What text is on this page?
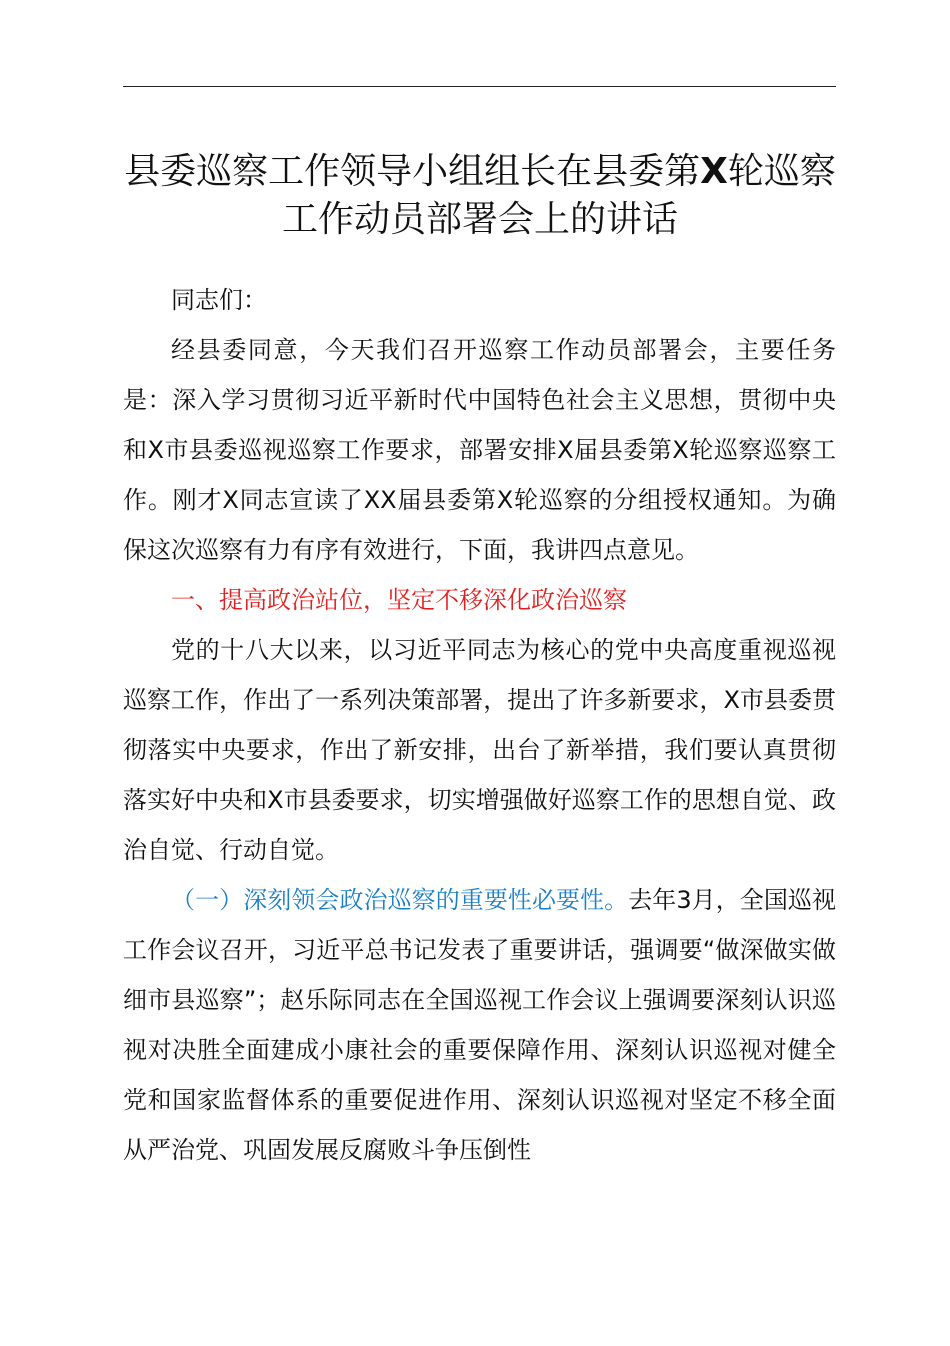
县委巡察工作领导小组组长在县委第X轮巡察
工作动员部署会上的讲话

同志们：

经县委同意，今天我们召开巡察工作动员部署会，主要任务是：深入学习贯彻习近平新时代中国特色社会主义思想，贯彻中央和X市县委巡视巡察工作要求，部署安排X届县委第X轮巡察巡察工作。刚才X同志宣读了XX届县委第X轮巡察的分组授权通知。为确保这次巡察有力有序有效进行，下面，我讲四点意见。

一、提高政治站位，坚定不移深化政治巡察

党的十八大以来，以习近平同志为核心的党中央高度重视巡视巡察工作，作出了一系列决策部署，提出了许多新要求，X市县委贯彻落实中央要求，作出了新安排，出台了新举措，我们要认真贯彻落实好中央和X市县委要求，切实增强做好巡察工作的思想自觉、政治自觉、行动自觉。

（一）深刻领会政治巡察的重要性必要性。去年3月，全国巡视工作会议召开，习近平总书记发表了重要讲话，强调要“做深做实做细市县巡察”；赵乐际同志在全国巡视工作会议上强调要深刻认识巡视对决胜全面建成小康社会的重要保障作用、深刻认识巡视对健全党和国家监督体系的重要促进作用、深刻认识巡视对坚定不移全面从严治党、巩固发展反腐败斗争压倒性
